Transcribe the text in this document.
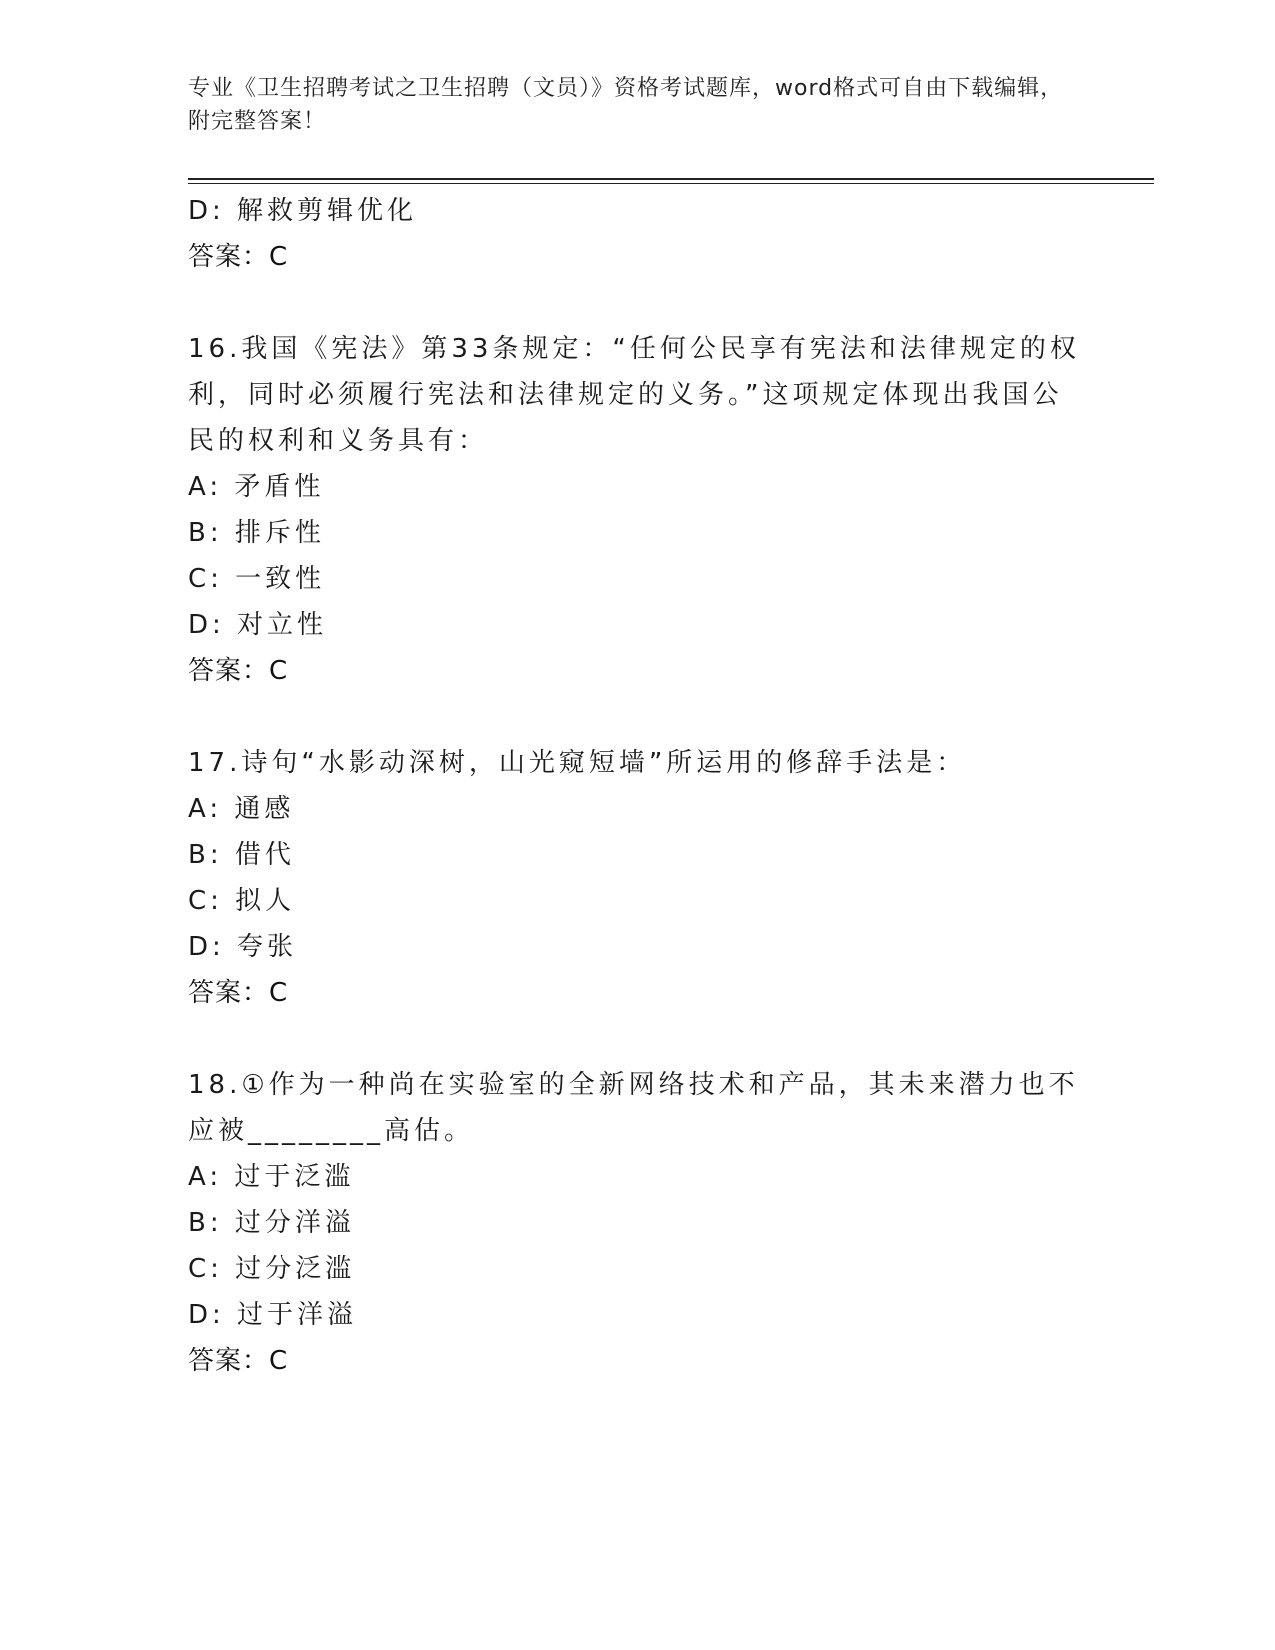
专业《卫生招聘考试之卫生招聘（文员）》资格考试题库，word格式可自由下载编辑，附完整答案！
D: 解救剪辑优化
答案：C
16.我国《宪法》第33条规定：“任何公民享有宪法和法律规定的权利，同时必须履行宪法和法律规定的义务。”这项规定体现出我国公民的权利和义务具有：
A: 矛盾性
B: 排斥性
C: 一致性
D: 对立性
答案：C
17.诗句“水影动深树，山光窥短墙”所运用的修辞手法是：
A: 通感
B: 借代
C: 拟人
D: 夸张
答案：C
18.①作为一种尚在实验室的全新网络技术和产品，其未来潜力也不应被________高估。
A: 过于泛滥
B: 过分洋溢
C: 过分泛滥
D: 过于洋溢
答案：C
